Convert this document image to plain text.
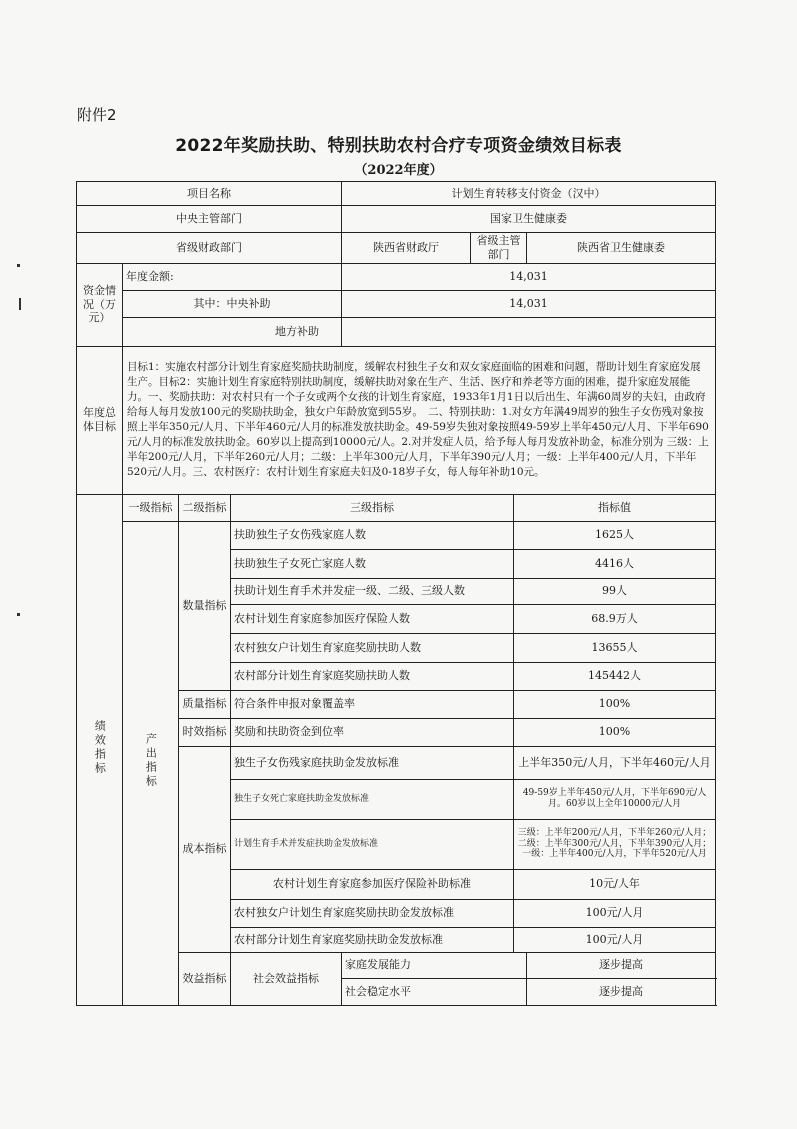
附件2
2022年奖励扶助、特别扶助农村合疗专项资金绩效目标表
（2022年度）
项目名称				计划生育转移支付资金（汉中）			
中央主管部门				国家卫生健康委			
省级财政部门				陕西省财政厅	省级主管部门		陕西省卫生健康委
资金情况（万元）	年度金额:			14,031			
	其中：中央补助			14,031			
	地方补助						
年度总体目标	目标1：实施农村部分计划生育家庭奖励扶助制度，缓解农村独生子女和双女家庭面临的困难和问题，帮助计划生育家庭发展生产。目标2：实施计划生育家庭特别扶助制度，缓解扶助对象在生产、生活、医疗和养老等方面的困难，提升家庭发展能力。一、奖励扶助：对农村只有一个子女或两个女孩的计划生育家庭，1933年1月1日以后出生、年满60周岁的夫妇，由政府给每人每月发放100元的奖励扶助金，独女户年龄放宽到55岁。　二、特别扶助：1.对女方年满49周岁的独生子女伤残对象按照上半年350元/人月、下半年460元/人月的标准发放扶助金。49-59岁失独对象按照49-59岁上半年450元/人月、下半年690元/人月的标准发放扶助金。60岁以上提高到10000元/人。2.对并发症人员，给予每人每月发放补助金，标准分别为 三级：上半年200元/人月，下半年260元/人月；二级：上半年300元/人月，下半年390元/人月；一级：上半年400元/人月，下半年520元/人月。三、农村医疗：农村计划生育家庭夫妇及0-18岁子女，每人每年补助10元。						
绩效指标	一级指标	二级指标	三级指标			指标值	
	产出指标	数量指标	扶助独生子女伤残家庭人数			1625人	
			扶助独生子女死亡家庭人数			4416人	
			扶助计划生育手术并发症一级、二级、三级人数			99人	
			农村计划生育家庭参加医疗保险人数			68.9万人	
			农村独女户计划生育家庭奖励扶助人数			13655人	
			农村部分计划生育家庭奖励扶助人数			145442人	
		质量指标	符合条件申报对象覆盖率			100%	
		时效指标	奖励和扶助资金到位率			100%	
		成本指标	独生子女伤残家庭扶助金发放标准			上半年350元/人月，下半年460元/人月	
			独生子女死亡家庭扶助金发放标准			49-59岁上半年450元/人月，下半年690元/人月。60岁以上全年10000元/人月	
			计划生育手术并发症扶助金发放标准			三级：上半年200元/人月，下半年260元/人月；二级：上半年300元/人月，下半年390元/人月；一级：上半年400元/人月，下半年520元/人月	
			农村计划生育家庭参加医疗保险补助标准			10元/人年	
			农村独女户计划生育家庭奖励扶助金发放标准			100元/人月	
			农村部分计划生育家庭奖励扶助金发放标准			100元/人月	
		效益指标	社会效益指标	家庭发展能力			逐步提高
				社会稳定水平			逐步提高
